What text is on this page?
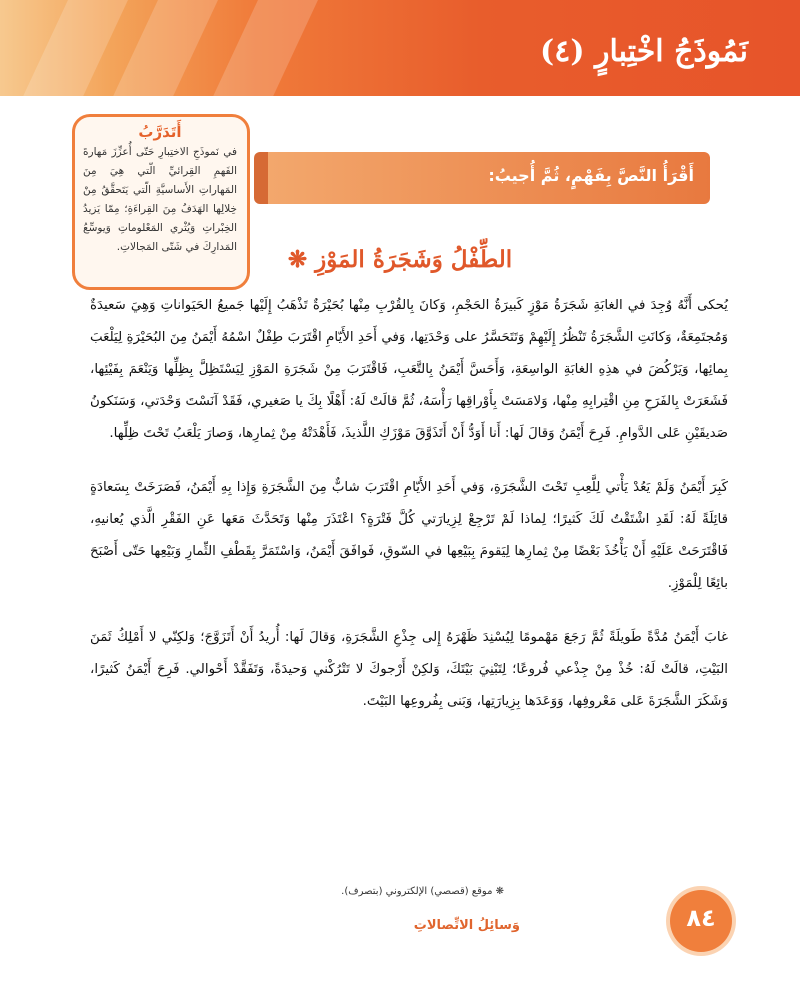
نَمُوذَجُ اخْتِبارٍ (٤)
أَتَدَرَّبُ
في نَموذَجِ الاختِبارِ حَتّى أُعزِّزَ مَهارةَ الفَهمِ القِرائيِّ الّتي هِيَ مِنَ المَهاراتِ الأَساسيَّةِ الّتي يَتَحقَّقُ مِنْ خِلالِها الهَدَفُ مِنَ القِراءَةِ؛ مِمّا يَزيدُ الخِبْراتِ وَيُثْري المَعْلوماتِ وَيوسِّعُ المَدارِكَ في شَتّى المَجالاتِ.
أَقْرَأُ النَّصَّ بِفَهْمٍ، ثُمَّ أُجيبُ:
الطِّفْلُ وَشَجَرَةُ المَوْزِ ❋

يُحكى أَنَّهُ وُجِدَ في الغابَةِ شَجَرَةُ مَوْزٍ كَبيرَةُ الحَجْمِ، وَكانَ بِالقُرْبِ مِنْها بُحَيْرَةٌ تَذْهَبُ إِلَيْها جَميعُ الحَيَواناتِ وَهِيَ سَعيدَةٌ وَمُجتَمِعَةٌ، وَكانَتِ الشَّجَرَةُ تَنْظُرُ إِلَيْهِمْ وَتَتَحَسَّرُ على وَحْدَتِها، وَفي أَحَدِ الأَيّامِ اقْتَرَبَ طِفْلٌ اسْمُهُ أَيْمَنُ مِنَ البُحَيْرَةِ لِيَلْعَبَ بِمائِها، وَيَرْكُضَ في هذِهِ الغابَةِ الواسِعَةِ، وَأَحَسَّ أَيْمَنُ بِالتَّعَبِ، فَاقْتَرَبَ مِنْ شَجَرَةِ المَوْزِ لِيَسْتَظِلَّ بِظِلِّها وَيَنْعَمَ بِفَيْئِها، فَشَعَرَتْ بِالفَرَحِ مِنِ اقْتِرابِهِ مِنْها، وَلامَسَتْ بِأَوْراقِها رَأْسَهُ، ثُمَّ قالَتْ لَهُ: أَهْلًا بِكَ يا صَغيري، فَقَدْ آنَسْتَ وَحْدَتي، وَسَنَكونُ صَديقَيْنِ عَلى الدَّوامِ. فَرِحَ أَيْمَنُ وَقالَ لَها: أَنا أَوَدُّ أَنْ أَتَذَوَّقَ مَوْزَكِ اللَّذيذَ، فَأَهْدَتْهُ مِنْ ثِمارِها، وَصارَ يَلْعَبُ تَحْتَ ظِلِّها.

كَبِرَ أَيْمَنُ وَلَمْ يَعُدْ يَأْتي لِلَّعِبِ تَحْتَ الشَّجَرَةِ، وَفي أَحَدِ الأَيّامِ اقْتَرَبَ شابٌّ مِنَ الشَّجَرَةِ وَإِذا بِهِ أَيْمَنُ، فَصَرَخَتْ بِسَعادَةٍ قائِلَةً لَهُ: لَقَدِ اشْتَقْتُ لَكَ كَثيرًا؛ لِماذا لَمْ تَرْجِعْ لِزِيارَتي كُلَّ فَتْرَةٍ؟ اعْتَذَرَ مِنْها وَتَحَدَّثَ مَعَها عَنِ الفَقْرِ الَّذي يُعانيهِ، فَاقْتَرَحَتْ عَلَيْهِ أَنْ يَأْخُذَ بَعْضًا مِنْ ثِمارِها لِيَقومَ بِبَيْعِها في السّوقِ، فَوافَقَ أَيْمَنُ، وَاسْتَمَرَّ بِقَطْفِ الثِّمارِ وَبَيْعِها حَتّى أَصْبَحَ بائِعًا لِلْمَوْزِ.

غابَ أَيْمَنُ مُدَّةً طَويلَةً ثُمَّ رَجَعَ مَهْمومًا لِيُسْنِدَ ظَهْرَهُ إِلى جِذْعِ الشَّجَرَةِ، وَقالَ لَها: أُريدُ أَنْ أَتَزَوَّجَ؛ وَلكِنّي لا أَمْلِكُ ثَمَنَ البَيْتِ، قالَتْ لَهُ: خُذْ مِنْ جِذْعي فُروعًا؛ لِتَبْنِيَ بَيْتَكَ، وَلكِنْ أَرْجوكَ لا تَتْرُكْني وَحيدَةً، وَتَفَقَّدْ أَحْوالي. فَرِحَ أَيْمَنُ كَثيرًا، وَشَكَرَ الشَّجَرَةَ عَلى مَعْروفِها، وَوَعَدَها بِزِيارَتِها، وَبَنى بِفُروعِها البَيْتَ.

❋ موقع (قصصي) الإلكتروني (بتصرف).
وَسائِلُ الاتِّصالاتِ	٨٤
